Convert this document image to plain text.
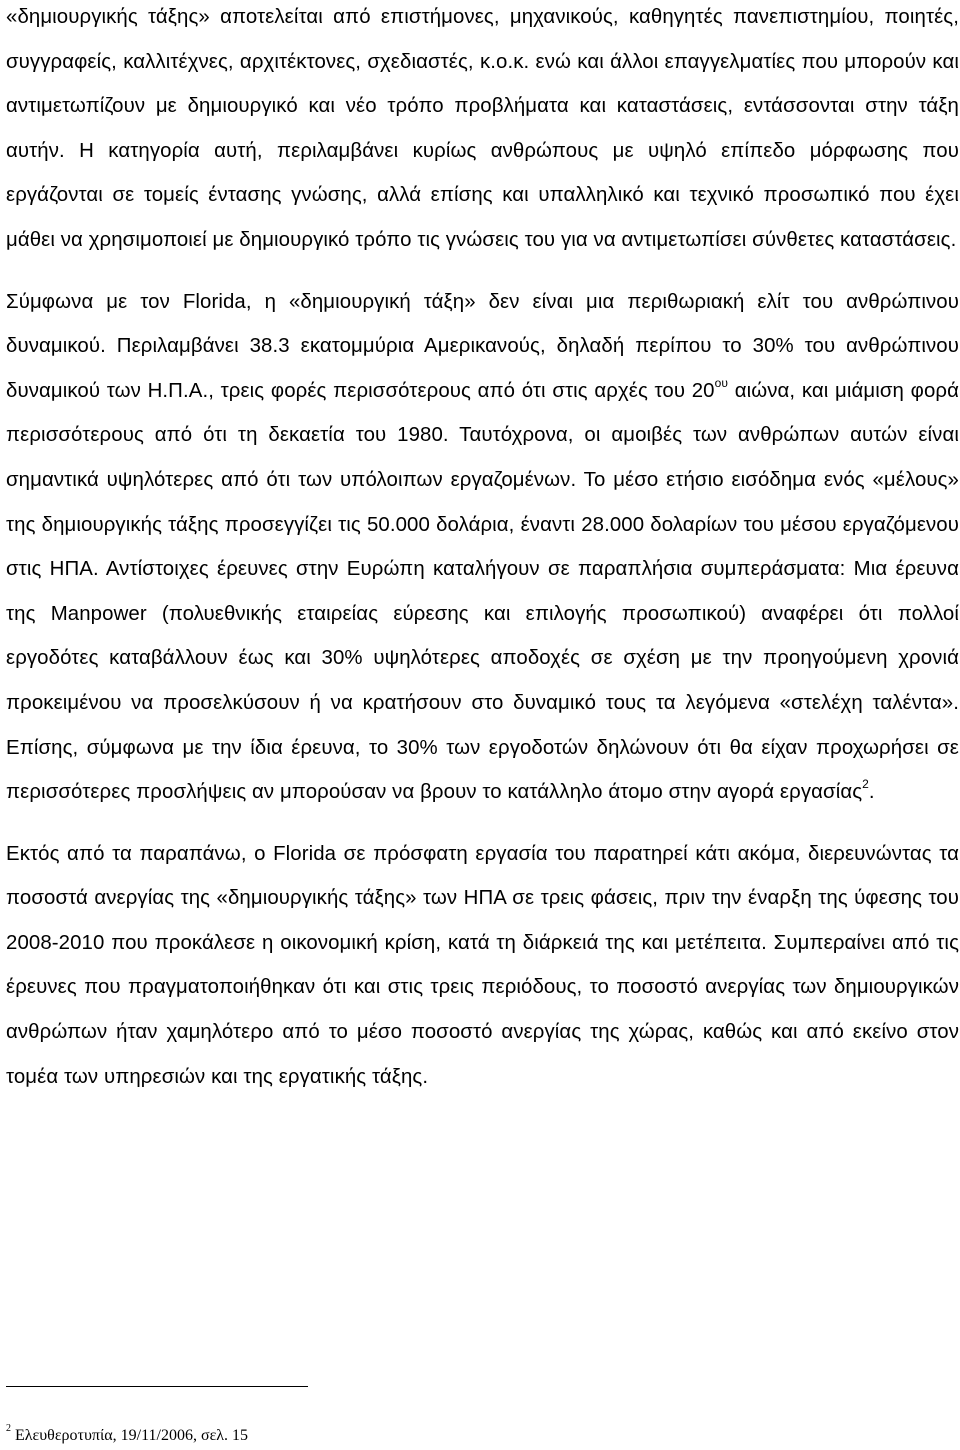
«δημιουργικής τάξης» αποτελείται από επιστήμονες, μηχανικούς, καθηγητές πανεπιστημίου, ποιητές, συγγραφείς, καλλιτέχνες, αρχιτέκτονες, σχεδιαστές, κ.ο.κ. ενώ και άλλοι επαγγελματίες που μπορούν και αντιμετωπίζουν με δημιουργικό και νέο τρόπο προβλήματα και καταστάσεις, εντάσσονται στην τάξη αυτήν. Η κατηγορία αυτή, περιλαμβάνει κυρίως ανθρώπους με υψηλό επίπεδο μόρφωσης που εργάζονται σε τομείς έντασης γνώσης, αλλά επίσης και υπαλληλικό και τεχνικό προσωπικό που έχει μάθει να χρησιμοποιεί με δημιουργικό τρόπο τις γνώσεις του για να αντιμετωπίσει σύνθετες καταστάσεις.

Σύμφωνα με τον Florida, η «δημιουργική τάξη» δεν είναι μια περιθωριακή ελίτ του ανθρώπινου δυναμικού. Περιλαμβάνει 38.3 εκατομμύρια Αμερικανούς, δηλαδή περίπου το 30% του ανθρώπινου δυναμικού των Η.Π.Α., τρεις φορές περισσότερους από ότι στις αρχές του $20^{o\upsilon}$ αιώνα, και μιάμιση φορά περισσότερους από ότι τη δεκαετία του 1980. Ταυτόχρονα, οι αμοιβές των ανθρώπων αυτών είναι σημαντικά υψηλότερες από ότι των υπόλοιπων εργαζομένων. Το μέσο ετήσιο εισόδημα ενός «μέλους» της δημιουργικής τάξης προσεγγίζει τις 50.000 δολάρια, έναντι 28.000 δολαρίων του μέσου εργαζόμενου στις ΗΠΑ. Αντίστοιχες έρευνες στην Ευρώπη καταλήγουν σε παραπλήσια συμπεράσματα: Μια έρευνα της Manpower (πολυεθνικής εταιρείας εύρεσης και επιλογής προσωπικού) αναφέρει ότι πολλοί εργοδότες καταβάλλουν έως και 30% υψηλότερες αποδοχές σε σχέση με την προηγούμενη χρονιά προκειμένου να προσελκύσουν ή να κρατήσουν στο δυναμικό τους τα λεγόμενα «στελέχη ταλέντα». Επίσης, σύμφωνα με την ίδια έρευνα, το 30% των εργοδοτών δηλώνουν ότι θα είχαν προχωρήσει σε περισσότερες προσλήψεις αν μπορούσαν να βρουν το κατάλληλο άτομο στην αγορά εργασίας$^2$.

Εκτός από τα παραπάνω, ο Florida σε πρόσφατη εργασία του παρατηρεί κάτι ακόμα, διερευνώντας τα ποσοστά ανεργίας της «δημιουργικής τάξης» των ΗΠΑ σε τρεις φάσεις, πριν την έναρξη της ύφεσης του 2008-2010 που προκάλεσε η οικονομική κρίση, κατά τη διάρκειά της και μετέπειτα. Συμπεραίνει από τις έρευνες που πραγματοποιήθηκαν ότι και στις τρεις περιόδους, το ποσοστό ανεργίας των δημιουργικών ανθρώπων ήταν χαμηλότερο από το μέσο ποσοστό ανεργίας της χώρας, καθώς και από εκείνο στον τομέα των υπηρεσιών και της εργατικής τάξης.

$^2$ Ελευθεροτυπία, 19/11/2006, σελ. 15
